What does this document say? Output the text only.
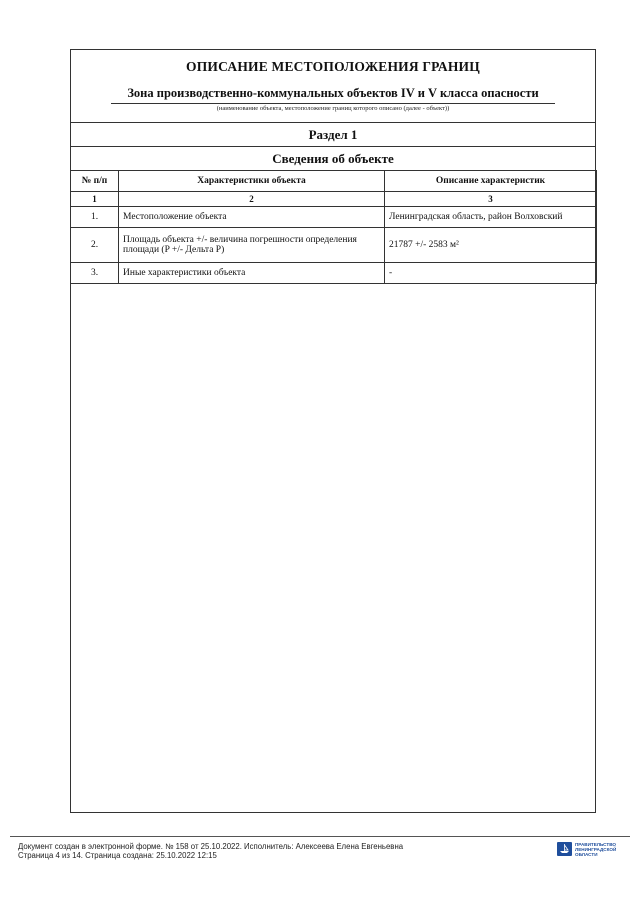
ОПИСАНИЕ МЕСТОПОЛОЖЕНИЯ ГРАНИЦ
Зона производственно-коммунальных объектов IV и V класса опасности
(наименование объекта, местоположение границ которого описано (далее - объект))
Раздел 1
Сведения об объекте
№ п/п	Характеристики объекта	Описание характеристик
1	2	3
1.	Местоположение объекта	Ленинградская область, район Волховский
2.	Площадь объекта +/- величина погрешности определения площади (P +/- Дельта P)	21787 +/- 2583 м²
3.	Иные характеристики объекта	-
Документ создан в электронной форме. № 158 от 25.10.2022. Исполнитель: Алексеева Елена Евгеньевна
Страница 4 из 14. Страница создана: 25.10.2022 12:15
ПРАВИТЕЛЬСТВО ЛЕНИНГРАДСКОЙ ОБЛАСТИ
